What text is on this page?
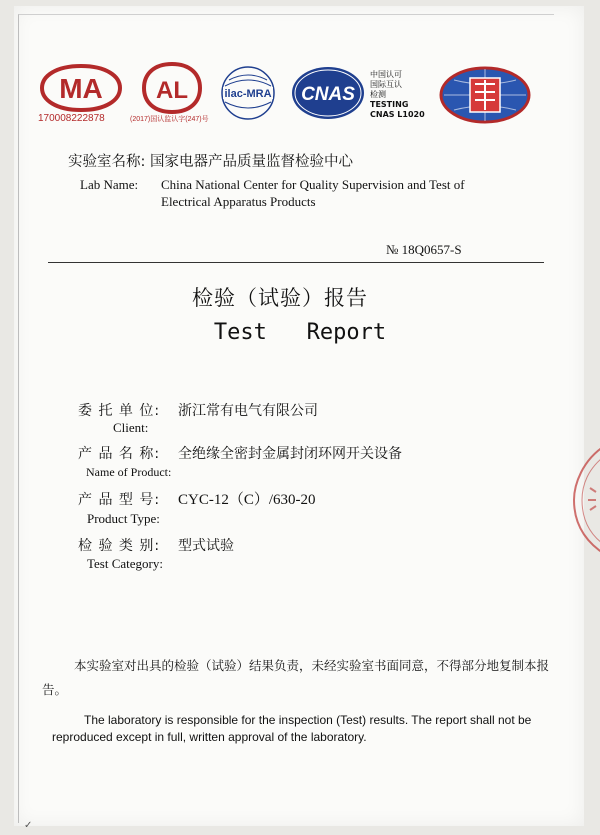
MA
170008222878
AL
(2017)国认监认字(247)号
ilac-MRA CNAS
中国认可
国际互认
检测
TESTING
CNAS L1020
实验室名称: 国家电器产品质量监督检验中心
Lab Name: China National Center for Quality Supervision and Test of Electrical Apparatus Products
№ 18Q0657-S
检验（试验）报告
Test   Report
委 托 单 位: 浙江常有电气有限公司
Client:
产 品 名 称: 全绝缘全密封金属封闭环网开关设备
Name of Product:
产 品 型 号: CYC-12（C）/630-20
Product Type:
检 验 类 别: 型式试验
Test Category:
本实验室对出具的检验（试验）结果负责，未经实验室书面同意，不得部分地复制本报告。
The laboratory is responsible for the inspection (Test) results. The report shall not be reproduced except in full, written approval of the laboratory.
✓
